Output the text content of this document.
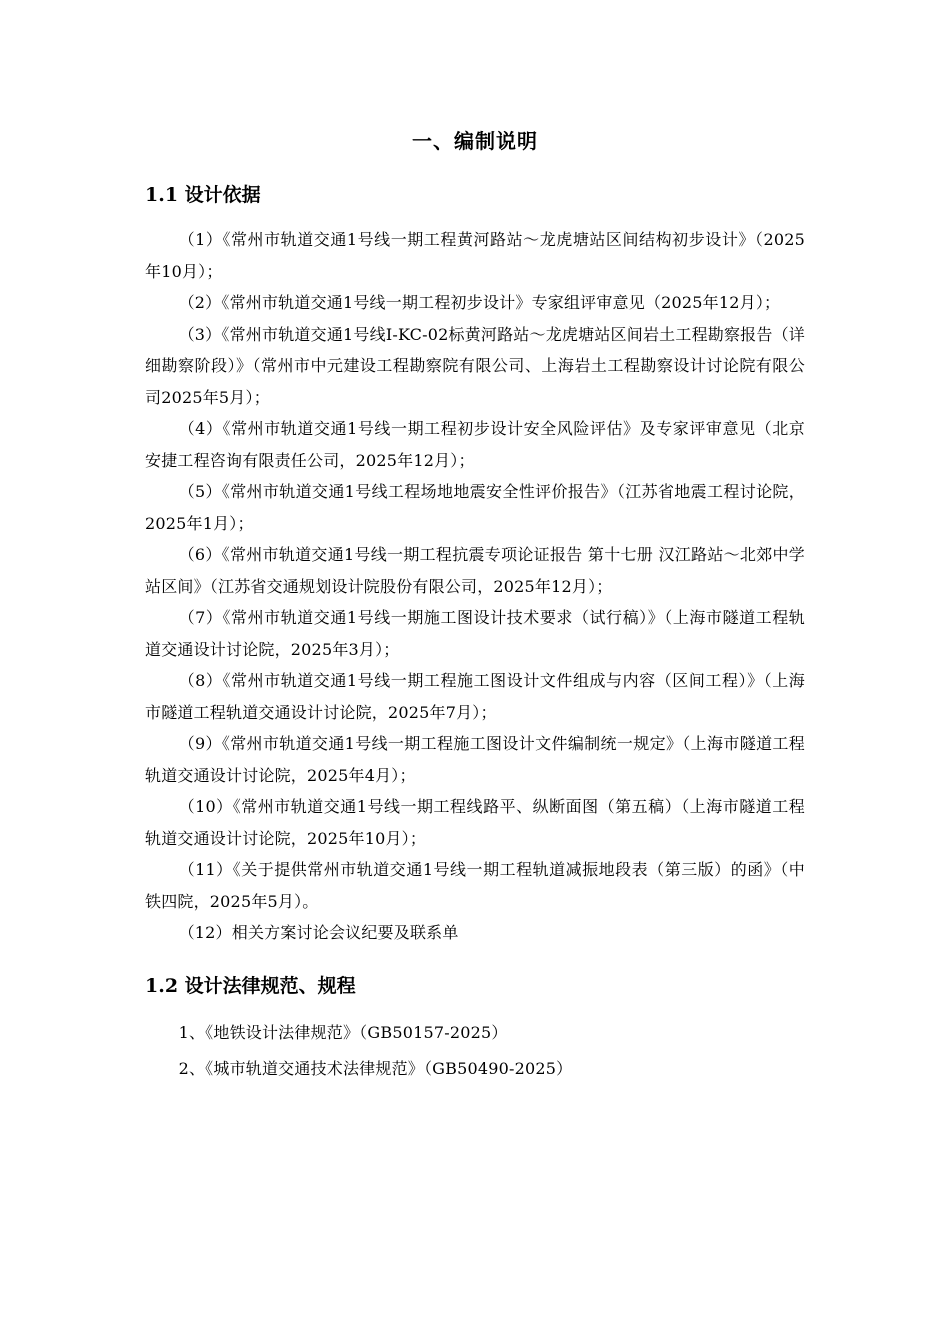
一、编制说明
1.1 设计依据

（1）《常州市轨道交通1号线一期工程黄河路站～龙虎塘站区间结构初步设计》（2025年10月）；

（2）《常州市轨道交通1号线一期工程初步设计》专家组评审意见（2025年12月）；

（3）《常州市轨道交通1号线I-KC-02标黄河路站～龙虎塘站区间岩土工程勘察报告（详细勘察阶段）》（常州市中元建设工程勘察院有限公司、上海岩土工程勘察设计讨论院有限公司2025年5月）；

（4）《常州市轨道交通1号线一期工程初步设计安全风险评估》及专家评审意见（北京安捷工程咨询有限责任公司，2025年12月）；

（5）《常州市轨道交通1号线工程场地地震安全性评价报告》（江苏省地震工程讨论院，2025年1月）；

（6）《常州市轨道交通1号线一期工程抗震专项论证报告 第十七册 汉江路站～北郊中学站区间》（江苏省交通规划设计院股份有限公司，2025年12月）；

（7）《常州市轨道交通1号线一期施工图设计技术要求（试行稿）》（上海市隧道工程轨道交通设计讨论院，2025年3月）；

（8）《常州市轨道交通1号线一期工程施工图设计文件组成与内容（区间工程）》（上海市隧道工程轨道交通设计讨论院，2025年7月）；

（9）《常州市轨道交通1号线一期工程施工图设计文件编制统一规定》（上海市隧道工程轨道交通设计讨论院，2025年4月）；

（10）《常州市轨道交通1号线一期工程线路平、纵断面图（第五稿）（上海市隧道工程轨道交通设计讨论院，2025年10月）；

（11）《关于提供常州市轨道交通1号线一期工程轨道减振地段表（第三版）的函》（中铁四院，2025年5月）。

（12）相关方案讨论会议纪要及联系单

1.2 设计法律规范、规程

1、《地铁设计法律规范》（GB50157-2025）

2、《城市轨道交通技术法律规范》（GB50490-2025）
